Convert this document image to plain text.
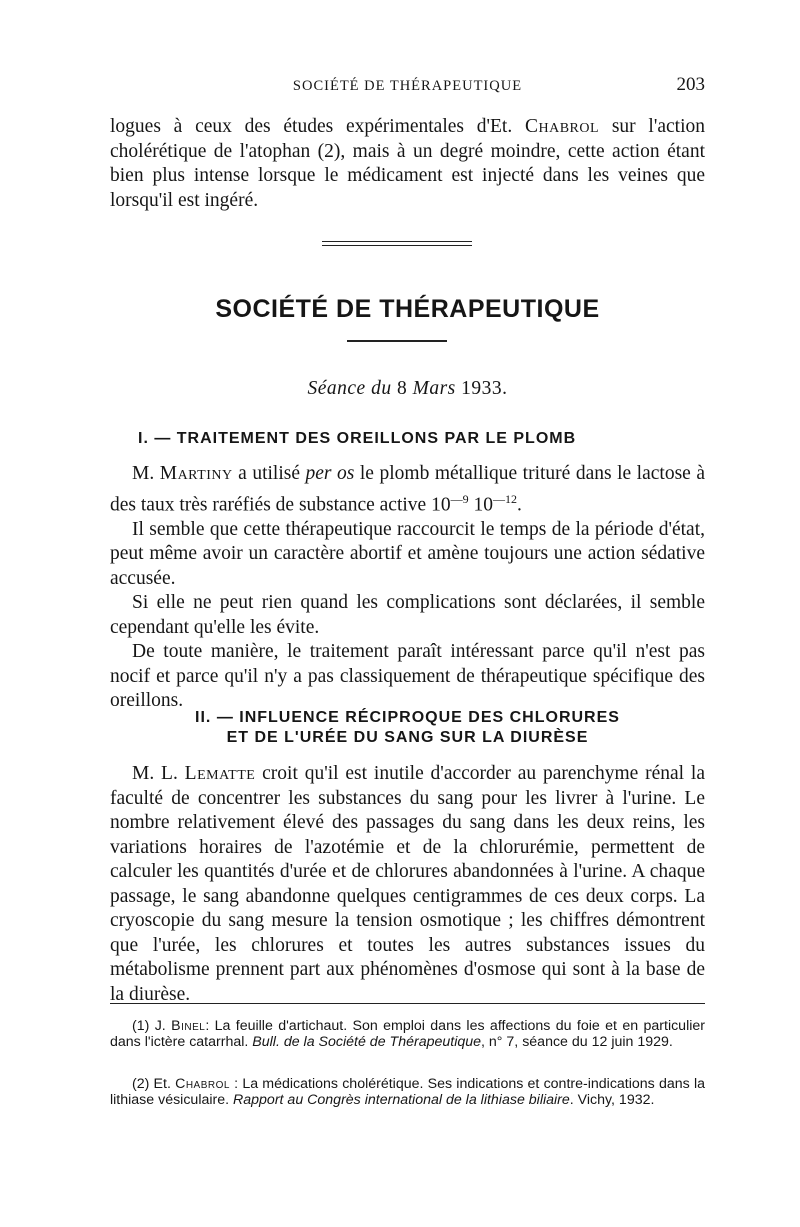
SOCIÉTÉ DE THÉRAPEUTIQUE	203

logues à ceux des études expérimentales d'Et. Chabrol sur l'action cholérétique de l'atophan (2), mais à un degré moindre, cette action étant bien plus intense lorsque le médicament est injecté dans les veines que lorsqu'il est ingéré.

SOCIÉTÉ DE THÉRAPEUTIQUE
Séance du 8 Mars 1933.

I. — TRAITEMENT DES OREILLONS PAR LE PLOMB

M. Martiny a utilisé per os le plomb métallique trituré dans le lactose à des taux très raréfiés de substance active $10^{—9}$ $10^{—12}$.

Il semble que cette thérapeutique raccourcit le temps de la période d'état, peut même avoir un caractère abortif et amène toujours une action sédative accusée.

Si elle ne peut rien quand les complications sont déclarées, il semble cependant qu'elle les évite.

De toute manière, le traitement paraît intéressant parce qu'il n'est pas nocif et parce qu'il n'y a pas classiquement de thérapeutique spécifique des oreillons.

II. — INFLUENCE RÉCIPROQUE DES CHLORURES

ET DE L'URÉE DU SANG SUR LA DIURÈSE

M. L. Lematte croit qu'il est inutile d'accorder au parenchyme rénal la faculté de concentrer les substances du sang pour les livrer à l'urine. Le nombre relativement élevé des passages du sang dans les deux reins, les variations horaires de l'azotémie et de la chlorurémie, permettent de calculer les quantités d'urée et de chlorures abandonnées à l'urine. A chaque passage, le sang abandonne quelques centigrammes de ces deux corps. La cryoscopie du sang mesure la tension osmotique ; les chiffres démontrent que l'urée, les chlorures et toutes les autres substances issues du métabolisme prennent part aux phénomènes d'osmose qui sont à la base de la diurèse.

(1) J. Binel: La feuille d'artichaut. Son emploi dans les affections du foie et en particulier dans l'ictère catarrhal. Bull. de la Société de Thérapeutique, n° 7, séance du 12 juin 1929.

(2) Et. Chabrol : La médications cholérétique. Ses indications et contre-indications dans la lithiase vésiculaire. Rapport au Congrès international de la lithiase biliaire. Vichy, 1932.
